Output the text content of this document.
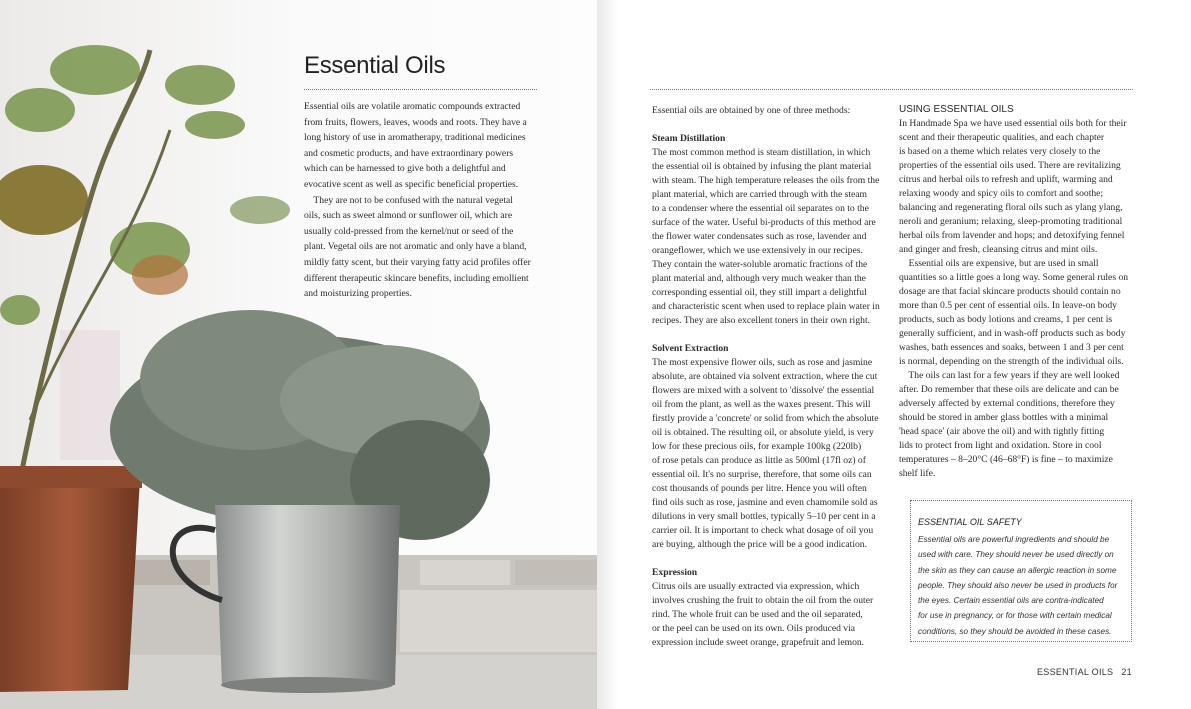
Essential Oils
Essential oils are volatile aromatic compounds extracted
from fruits, flowers, leaves, woods and roots. They have a
long history of use in aromatherapy, traditional medicines
and cosmetic products, and have extraordinary powers
which can be harnessed to give both a delightful and
evocative scent as well as specific beneficial properties.
They are not to be confused with the natural vegetal
oils, such as sweet almond or sunflower oil, which are
usually cold-pressed from the kernel/nut or seed of the
plant. Vegetal oils are not aromatic and only have a bland,
mildly fatty scent, but their varying fatty acid profiles offer
different therapeutic skincare benefits, including emollient
and moisturizing properties.
Essential oils are obtained by one of three methods:

Steam Distillation
The most common method is steam distillation, in which
the essential oil is obtained by infusing the plant material
with steam. The high temperature releases the oils from the
plant material, which are carried through with the steam
to a condenser where the essential oil separates on to the
surface of the water. Useful bi-products of this method are
the flower water condensates such as rose, lavender and
orangeflower, which we use extensively in our recipes.
They contain the water-soluble aromatic fractions of the
plant material and, although very much weaker than the
corresponding essential oil, they still impart a delightful
and characteristic scent when used to replace plain water in
recipes. They are also excellent toners in their own right.

Solvent Extraction
The most expensive flower oils, such as rose and jasmine
absolute, are obtained via solvent extraction, where the cut
flowers are mixed with a solvent to 'dissolve' the essential
oil from the plant, as well as the waxes present. This will
firstly provide a 'concrete' or solid from which the absolute
oil is obtained. The resulting oil, or absolute yield, is very
low for these precious oils, for example 100kg (220lb)
of rose petals can produce as little as 500ml (17fl oz) of
essential oil. It's no surprise, therefore, that some oils can
cost thousands of pounds per litre. Hence you will often
find oils such as rose, jasmine and even chamomile sold as
dilutions in very small bottles, typically 5–10 per cent in a
carrier oil. It is important to check what dosage of oil you
are buying, although the price will be a good indication.

Expression
Citrus oils are usually extracted via expression, which
involves crushing the fruit to obtain the oil from the outer
rind. The whole fruit can be used and the oil separated,
or the peel can be used on its own. Oils produced via
expression include sweet orange, grapefruit and lemon.
USING ESSENTIAL OILS
In Handmade Spa we have used essential oils both for their
scent and their therapeutic qualities, and each chapter
is based on a theme which relates very closely to the
properties of the essential oils used. There are revitalizing
citrus and herbal oils to refresh and uplift, warming and
relaxing woody and spicy oils to comfort and soothe;
balancing and regenerating floral oils such as ylang ylang,
neroli and geranium; relaxing, sleep-promoting traditional
herbal oils from lavender and hops; and detoxifying fennel
and ginger and fresh, cleansing citrus and mint oils.
Essential oils are expensive, but are used in small
quantities so a little goes a long way. Some general rules on
dosage are that facial skincare products should contain no
more than 0.5 per cent of essential oils. In leave-on body
products, such as body lotions and creams, 1 per cent is
generally sufficient, and in wash-off products such as body
washes, bath essences and soaks, between 1 and 3 per cent
is normal, depending on the strength of the individual oils.
The oils can last for a few years if they are well looked
after. Do remember that these oils are delicate and can be
adversely affected by external conditions, therefore they
should be stored in amber glass bottles with a minimal
'head space' (air above the oil) and with tightly fitting
lids to protect from light and oxidation. Store in cool
temperatures – 8–20°C (46–68°F) is fine – to maximize
shelf life.
ESSENTIAL OIL SAFETY
Essential oils are powerful ingredients and should be
used with care. They should never be used directly on
the skin as they can cause an allergic reaction in some
people. They should also never be used in products for
the eyes. Certain essential oils are contra-indicated
for use in pregnancy, or for those with certain medical
conditions, so they should be avoided in these cases.
ESSENTIAL OILS 21
